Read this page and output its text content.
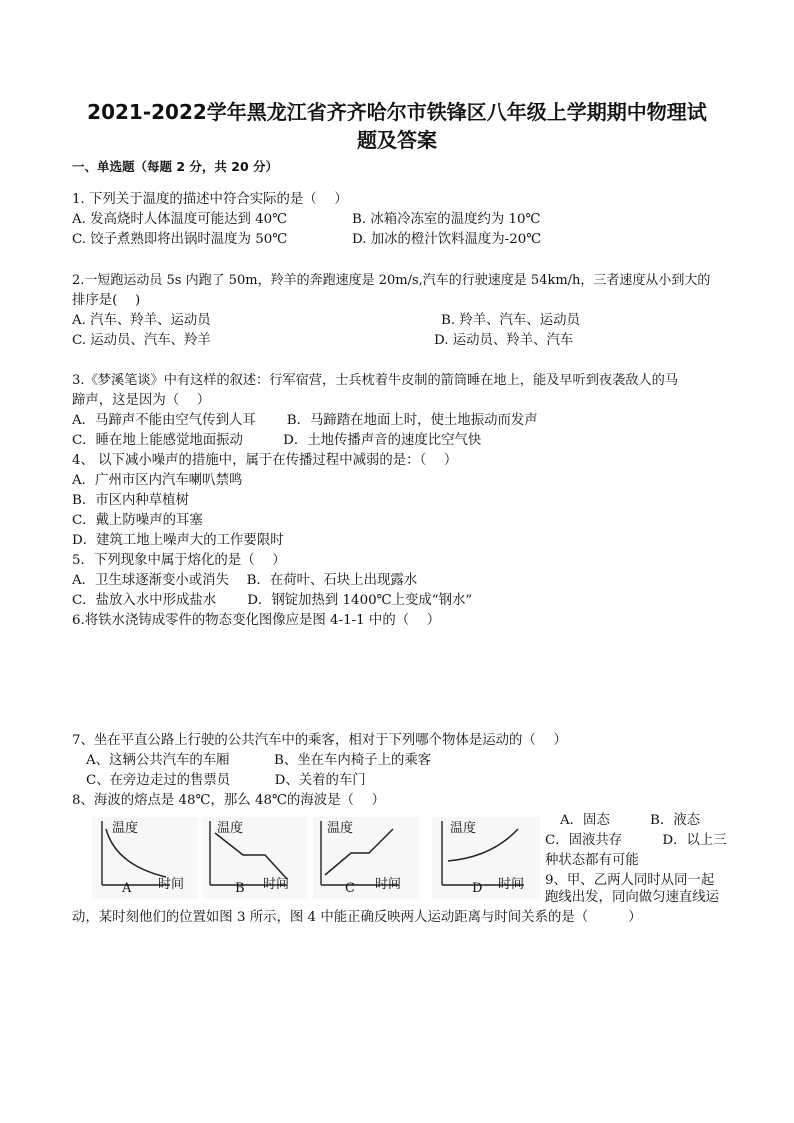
2021-2022学年黑龙江省齐齐哈尔市铁锋区八年级上学期期中物理试
题及答案
一、单选题（每题 2 分，共 20 分）
1. 下列关于温度的描述中符合实际的是（　 ）
A. 发高烧时人体温度可能达到 40℃	B. 冰箱冷冻室的温度约为 10℃
C. 饺子煮熟即将出锅时温度为 50℃	D. 加冰的橙汁饮料温度为-20℃
2.一短跑运动员 5s 内跑了 50m，羚羊的奔跑速度是 20m/s,汽车的行驶速度是 54km/h，三者速度从小到大的
排序是(　 )
A. 汽车、羚羊、运动员	B. 羚羊、汽车、运动员
C. 运动员、汽车、羚羊	D. 运动员、羚羊、汽车
3.《梦溪笔谈》中有这样的叙述：行军宿营，士兵枕着牛皮制的箭筒睡在地上，能及早听到夜袭敌人的马
蹄声，这是因为（　 ）
A．马蹄声不能由空气传到人耳　　 B．马蹄踏在地面上时，使土地振动而发声
C．睡在地上能感觉地面振动　　　D．土地传播声音的速度比空气快
4、 以下减小噪声的措施中，属于在传播过程中减弱的是：（　 ）
A．广州市区内汽车喇叭禁鸣
B．市区内种草植树
C．戴上防噪声的耳塞
D．建筑工地上噪声大的工作要限时
5．下列现象中属于熔化的是（　 ）
A．卫生球逐渐变小或消失　 B．在荷叶、石块上出现露水
C．盐放入水中形成盐水　　 D．钢锭加热到 1400℃上变成“钢水”
6.将铁水浇铸成零件的物态变化图像应是图 4-1-1 中的（　 ）
7、坐在平直公路上行驶的公共汽车中的乘客，相对于下列哪个物体是运动的（　 ）
A、这辆公共汽车的车厢　　　 B、坐在车内椅子上的乘客
C、在旁边走过的售票员　　　 D、关着的车门
8、海波的熔点是 48℃，那么 48℃的海波是（　 ）
温度
时间
A
温度
时间
B
温度
时间
C
温度
时间
D
A．固态　　　B．液态
C．固液共存　　　D．以上三
种状态都有可能
9、甲、乙两人同时从同一起
跑线出发，同向做匀速直线运
动，某时刻他们的位置如图 3 所示，图 4 中能正确反映两人运动距离与时间关系的是（　　　）
